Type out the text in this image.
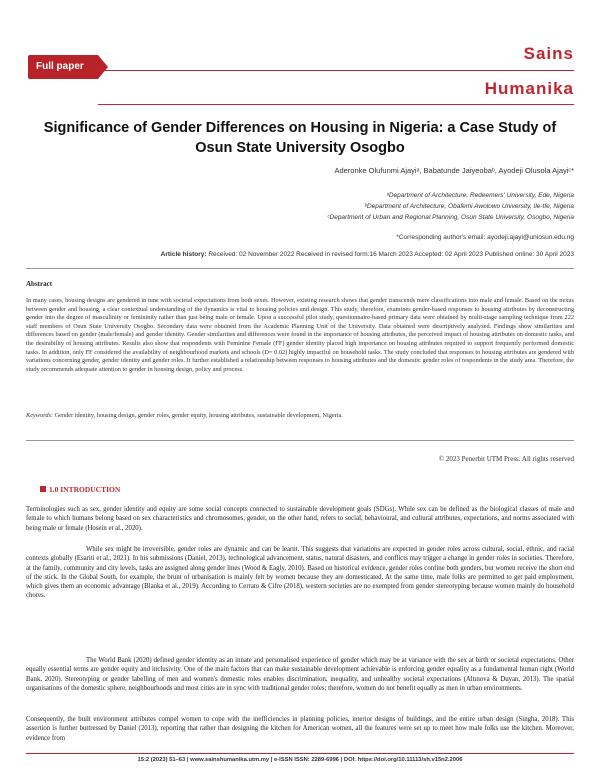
Full paper
Sains
Humanika
Significance of Gender Differences on Housing in Nigeria: a Case Study of Osun State University Osogbo
Aderonke Olufunmi Ajayiᵃ, Babatunde Jaiyeobaᵇ, Ayodeji Olusola Ajayiᶜ*
ᵃDepartment of Architecture, Redeemers' University, Ede, Nigeria
ᵇDepartment of Architecture, Obafemi Awolowo University, Ile-Ife, Nigeria
ᶜDepartment of Urban and Regional Planning, Osun State University, Osogbo, Nigeria
*Corresponding author's email: ayodeji.ajayi@uniosun.edu.ng
Article history: Received: 02 November 2022 Received in revised form:16 March 2023 Accepted: 02 April 2023 Published online: 30 April 2023
Abstract
In many cases, housing designs are gendered in tune with societal expectations from both sexes. However, existing research shows that gender transcends mere classifications into male and female. Based on the nexus between gender and housing, a clear contextual understanding of the dynamics is vital to housing policies and design. This study, therefore, examines gender-based responses to housing attributes by deconstructing gender into the degree of masculinity or femininity rather than just being male or female. Upon a successful pilot study, questionnaire-based primary data were obtained by multi-stage sampling technique from 222 staff members of Osun State University Osogbo. Secondary data were obtained from the Academic Planning Unit of the University. Data obtained were descriptively analysed. Findings show similarities and differences based on gender (male/female) and gender identity. Gender similarities and differences were found in the importance of housing attributes, the perceived impact of housing attributes on domestic tasks, and the desirability of housing attributes. Results also show that respondents with Feminine Female (FF) gender identity placed high importance on housing attributes required to support frequently performed domestic tasks. In addition, only FF considered the availability of neighbourhood markets and schools (D= 0.02) highly impactful on household tasks. The study concluded that responses to housing attributes are gendered with variations concerning gender, gender identity and gender roles. It further established a relationship between responses to housing attributes and the domestic gender roles of respondents in the study area. Therefore, the study recommends adequate attention to gender in housing design, policy and process.
Keywords: Gender identity, housing design, gender roles, gender equity, housing attributes, sustainable development, Nigeria.
© 2023 Penerbit UTM Press. All rights reserved
1.0 INTRODUCTION
Terminologies such as sex, gender identity and equity are some social concepts connected to sustainable development goals (SDGs). While sex can be defined as the biological classes of male and female to which humans belong based on sex characteristics and chromosomes, gender, on the other hand, refers to social, behavioural, and cultural attributes, expectations, and norms associated with being male or female (Hosein et al., 2020).
While sex might be irreversible, gender roles are dynamic and can be learnt. This suggests that variations are expected in gender roles across cultural, social, ethnic, and racial contexts globally (Esariti et al., 2021). In his submissions (Daniel, 2013), technological advancement, status, natural disasters, and conflicts may trigger a change in gender roles in societies. Therefore, at the family, community and city levels, tasks are assigned along gender lines (Wood & Eagly, 2010). Based on historical evidence, gender roles confine both genders, but women receive the short end of the stick. In the Global South, for example, the brunt of urbanisation is mainly felt by women because they are domesticated. At the same time, male folks are permitted to get paid employment, which gives them an economic advantage (Blanka et al., 2019). According to Cerrato & Cifre (2018), western societies are no exempted from gender stereotyping because women mainly do household chores.
The World Bank (2020) defined gender identity as an innate and personalised experience of gender which may be at variance with the sex at birth or societal expectations. Other equally essential terms are gender equity and inclusivity. One of the main factors that can make sustainable development achievable is enforcing gender equality as a fundamental human right (World Bank, 2020). Stereotyping or gender labelling of men and women's domestic roles enables discrimination, inequality, and unhealthy societal expectations (Altınova & Duyan, 2013). The spatial organisations of the domestic sphere, neighbourhoods and most cities are in sync with traditional gender roles; therefore, women do not benefit equally as men in urban environments.
Consequently, the built environment attributes compel women to cope with the inefficiencies in planning policies, interior designs of buildings, and the entire urban design (Singha, 2018). This assertion is further buttressed by Daniel (2013), reporting that rather than designing the kitchen for American women, all the features were set up to meet how male folks use the kitchen. Moreover, evidence from
15:2 (2023) 51–63 | www.sainshumanika.utm.my | e-ISSN ISSN: 2289-6996 | DOI: https://doi.org/10.11113/sh.v15n2.2006
